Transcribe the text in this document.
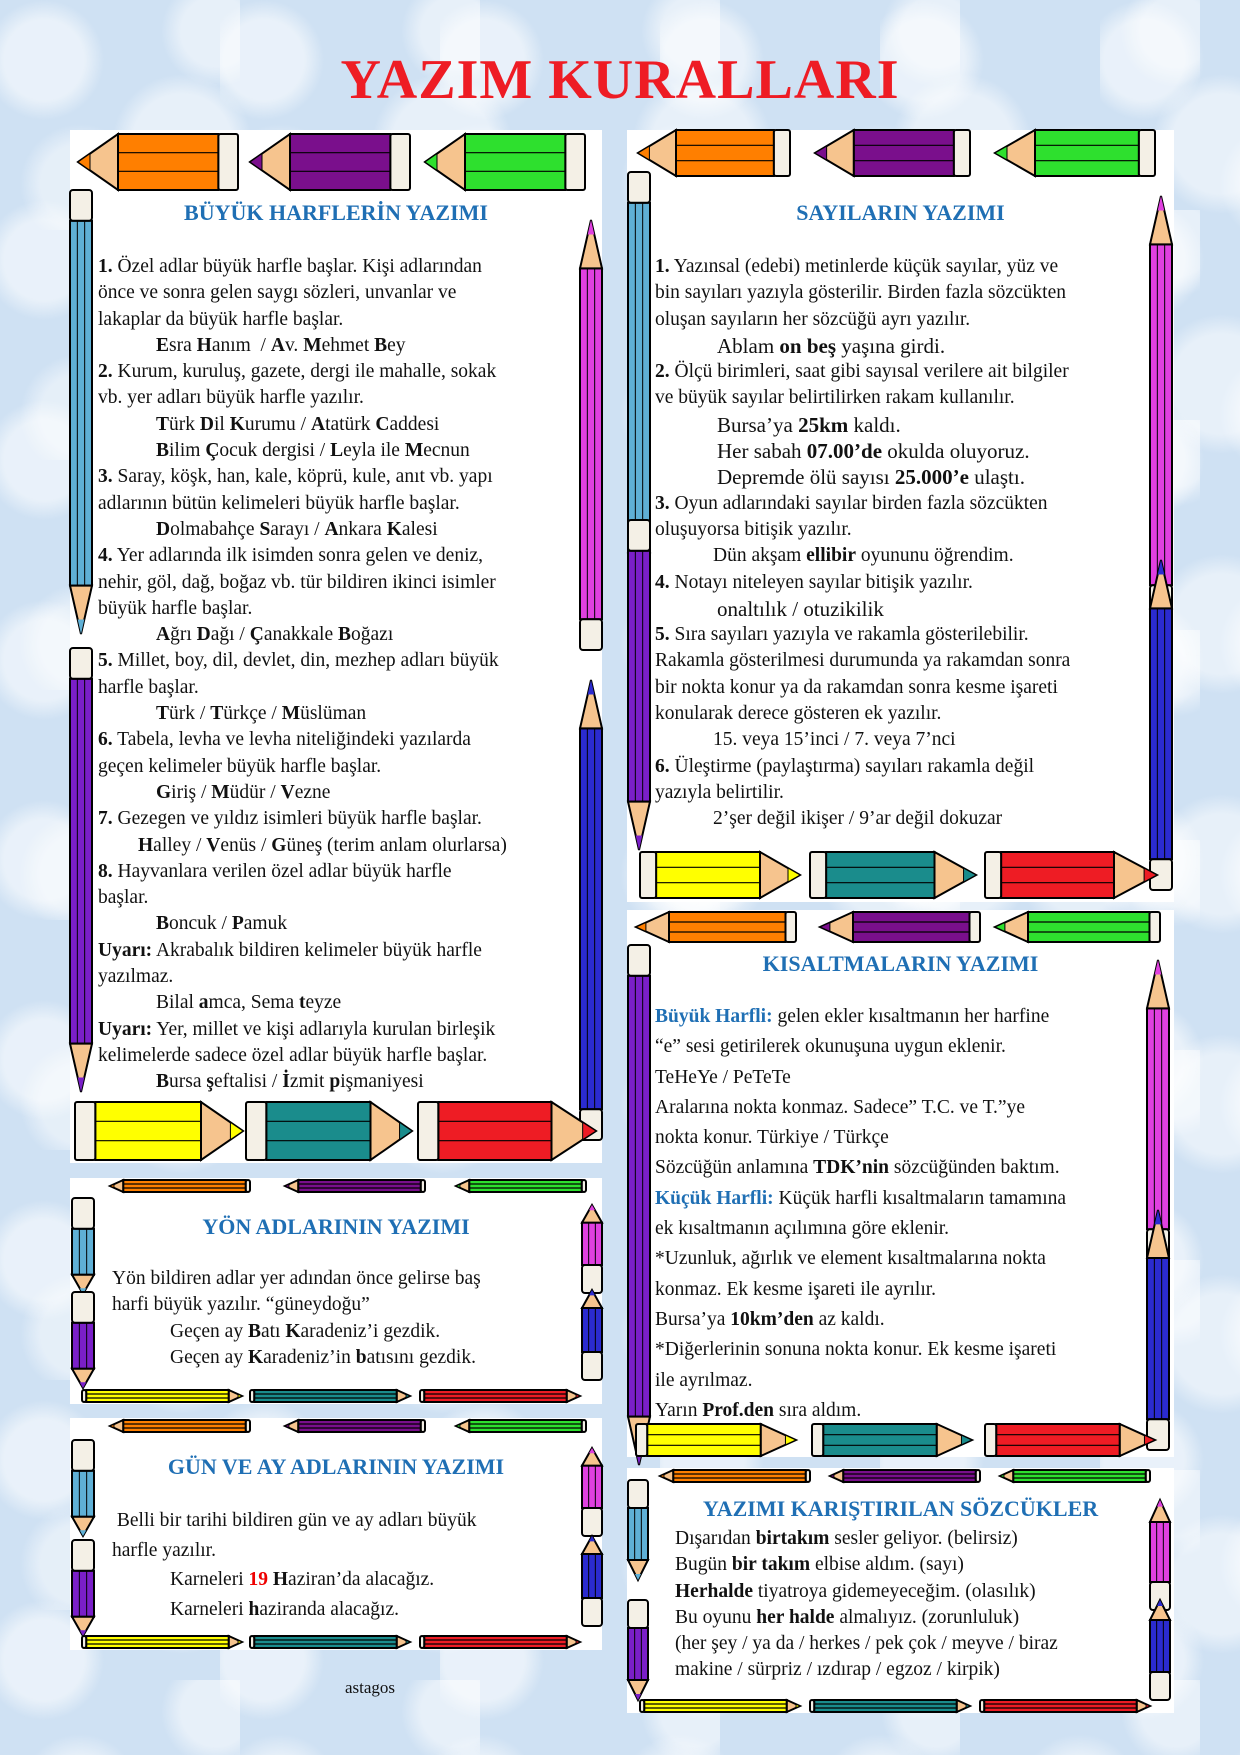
YAZIM KURALLARI
BÜYÜK HARFLERİN YAZIMI

1. Özel adlar büyük harfle başlar. Kişi adlarından

önce ve sonra gelen saygı sözleri, unvanlar ve

lakaplar da büyük harfle başlar.

Esra Hanım  / Av. Mehmet Bey

2. Kurum, kuruluş, gazete, dergi ile mahalle, sokak

vb. yer adları büyük harfle yazılır.

Türk Dil Kurumu / Atatürk Caddesi

Bilim Çocuk dergisi / Leyla ile Mecnun

3. Saray, köşk, han, kale, köprü, kule, anıt vb. yapı

adlarının bütün kelimeleri büyük harfle başlar.

Dolmabahçe Sarayı / Ankara Kalesi

4. Yer adlarında ilk isimden sonra gelen ve deniz,

nehir, göl, dağ, boğaz vb. tür bildiren ikinci isimler

büyük harfle başlar.

Ağrı Dağı / Çanakkale Boğazı

5. Millet, boy, dil, devlet, din, mezhep adları büyük

harfle başlar.

Türk / Türkçe / Müslüman

6. Tabela, levha ve levha niteliğindeki yazılarda

geçen kelimeler büyük harfle başlar.

Giriş / Müdür / Vezne

7. Gezegen ve yıldız isimleri büyük harfle başlar.

Halley / Venüs / Güneş (terim anlam olurlarsa)

8. Hayvanlara verilen özel adlar büyük harfle

başlar.

Boncuk / Pamuk

Uyarı: Akrabalık bildiren kelimeler büyük harfle

yazılmaz.

Bilal amca, Sema teyze

Uyarı: Yer, millet ve kişi adlarıyla kurulan birleşik

kelimelerde sadece özel adlar büyük harfle başlar.

Bursa şeftalisi / İzmit pişmaniyesi

SAYILARIN YAZIMI

1. Yazınsal (edebi) metinlerde küçük sayılar, yüz ve

bin sayıları yazıyla gösterilir. Birden fazla sözcükten

oluşan sayıların her sözcüğü ayrı yazılır.

Ablam on beş yaşına girdi.

2. Ölçü birimleri, saat gibi sayısal verilere ait bilgiler

ve büyük sayılar belirtilirken rakam kullanılır.

Bursa’ya 25km kaldı.

Her sabah 07.00’de okulda oluyoruz.

Depremde ölü sayısı 25.000’e ulaştı.

3. Oyun adlarındaki sayılar birden fazla sözcükten

oluşuyorsa bitişik yazılır.

Dün akşam ellibir oyununu öğrendim.

4. Notayı niteleyen sayılar bitişik yazılır.

onaltılık / otuzikilik

5. Sıra sayıları yazıyla ve rakamla gösterilebilir.

Rakamla gösterilmesi durumunda ya rakamdan sonra

bir nokta konur ya da rakamdan sonra kesme işareti

konularak derece gösteren ek yazılır.

15. veya 15’inci / 7. veya 7’nci

6. Üleştirme (paylaştırma) sayıları rakamla değil

yazıyla belirtilir.

2’şer değil ikişer / 9’ar değil dokuzar

KISALTMALARIN YAZIMI

Büyük Harfli: gelen ekler kısaltmanın her harfine

“e” sesi getirilerek okunuşuna uygun eklenir.

TeHeYe / PeTeTe

Aralarına nokta konmaz. Sadece” T.C. ve T.”ye

nokta konur. Türkiye / Türkçe

Sözcüğün anlamına TDK’nin sözcüğünden baktım.

Küçük Harfli: Küçük harfli kısaltmaların tamamına

ek kısaltmanın açılımına göre eklenir.

*Uzunluk, ağırlık ve element kısaltmalarına nokta

konmaz. Ek kesme işareti ile ayrılır.

Bursa’ya 10km’den az kaldı.

*Diğerlerinin sonuna nokta konur. Ek kesme işareti

ile ayrılmaz.

Yarın Prof.den sıra aldım.

YÖN ADLARININ YAZIMI

Yön bildiren adlar yer adından önce gelirse baş

harfi büyük yazılır. “güneydoğu”

Geçen ay Batı Karadeniz’i gezdik.

Geçen ay Karadeniz’in batısını gezdik.

GÜN VE AY ADLARININ YAZIMI

Belli bir tarihi bildiren gün ve ay adları büyük

harfle yazılır.

Karneleri 19 Haziran’da alacağız.

Karneleri haziranda alacağız.

YAZIMI KARIŞTIRILAN SÖZCÜKLER

Dışarıdan birtakım sesler geliyor. (belirsiz)

Bugün bir takım elbise aldım. (sayı)

Herhalde tiyatroya gidemeyeceğim. (olasılık)

Bu oyunu her halde almalıyız. (zorunluluk)

(her şey / ya da / herkes / pek çok / meyve / biraz

makine / sürpriz / ızdırap / egzoz / kirpik)

astagos
